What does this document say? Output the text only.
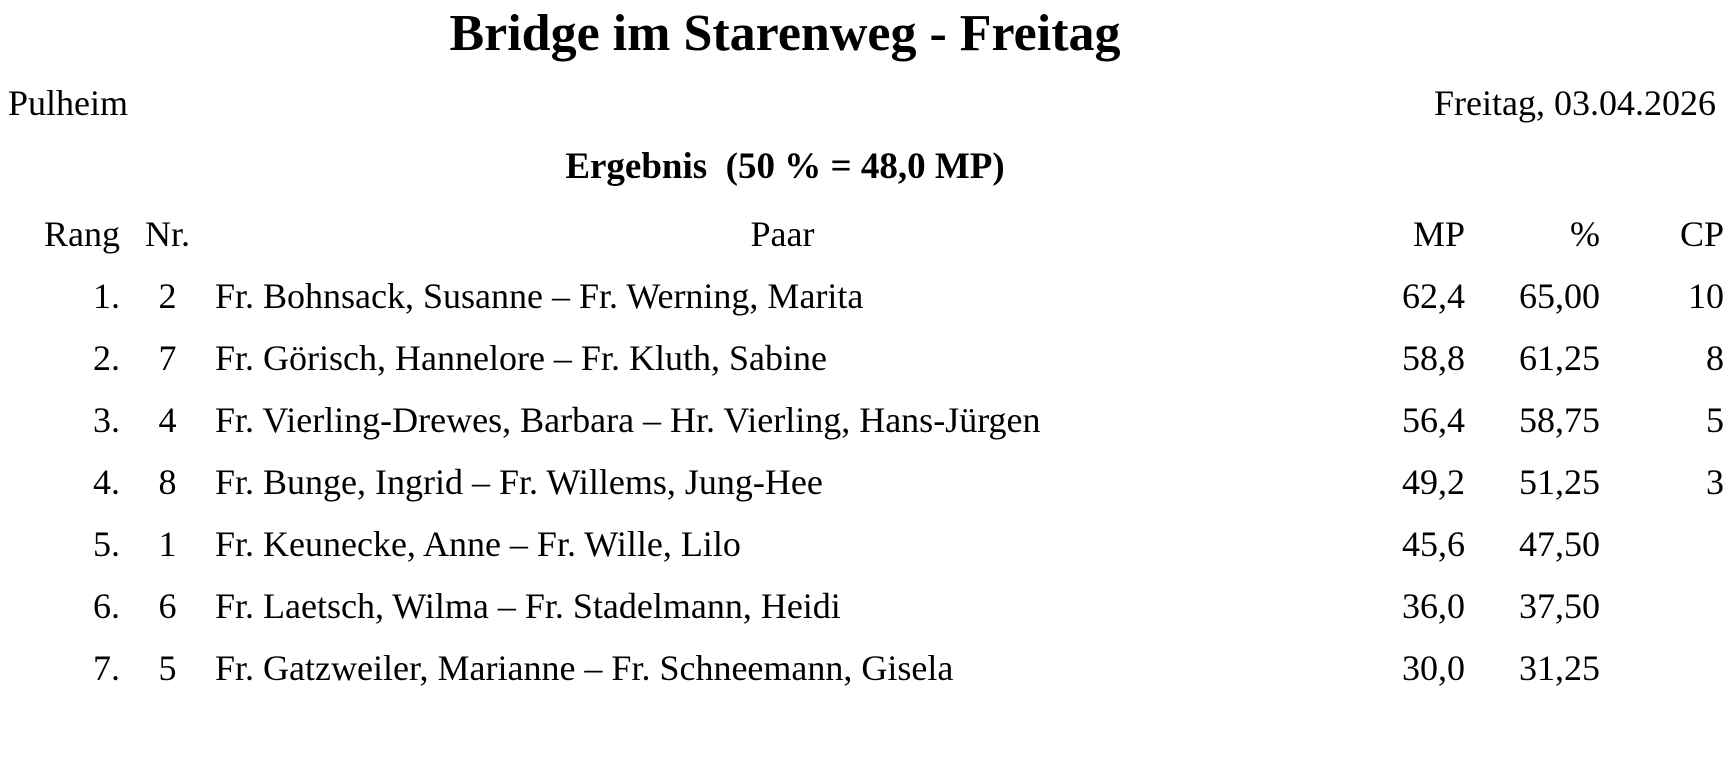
Bridge im Starenweg - Freitag
Pulheim	Freitag, 03.04.2026
Ergebnis  (50 % = 48,0 MP)
Rang	Nr.	Paar	MP	%	CP
1.	2	Fr. Bohnsack, Susanne – Fr. Werning, Marita	62,4	65,00	10
2.	7	Fr. Görisch, Hannelore – Fr. Kluth, Sabine	58,8	61,25	8
3.	4	Fr. Vierling-Drewes, Barbara – Hr. Vierling, Hans-Jürgen	56,4	58,75	5
4.	8	Fr. Bunge, Ingrid – Fr. Willems, Jung-Hee	49,2	51,25	3
5.	1	Fr. Keunecke, Anne – Fr. Wille, Lilo	45,6	47,50	
6.	6	Fr. Laetsch, Wilma – Fr. Stadelmann, Heidi	36,0	37,50	
7.	5	Fr. Gatzweiler, Marianne – Fr. Schneemann, Gisela	30,0	31,25	
